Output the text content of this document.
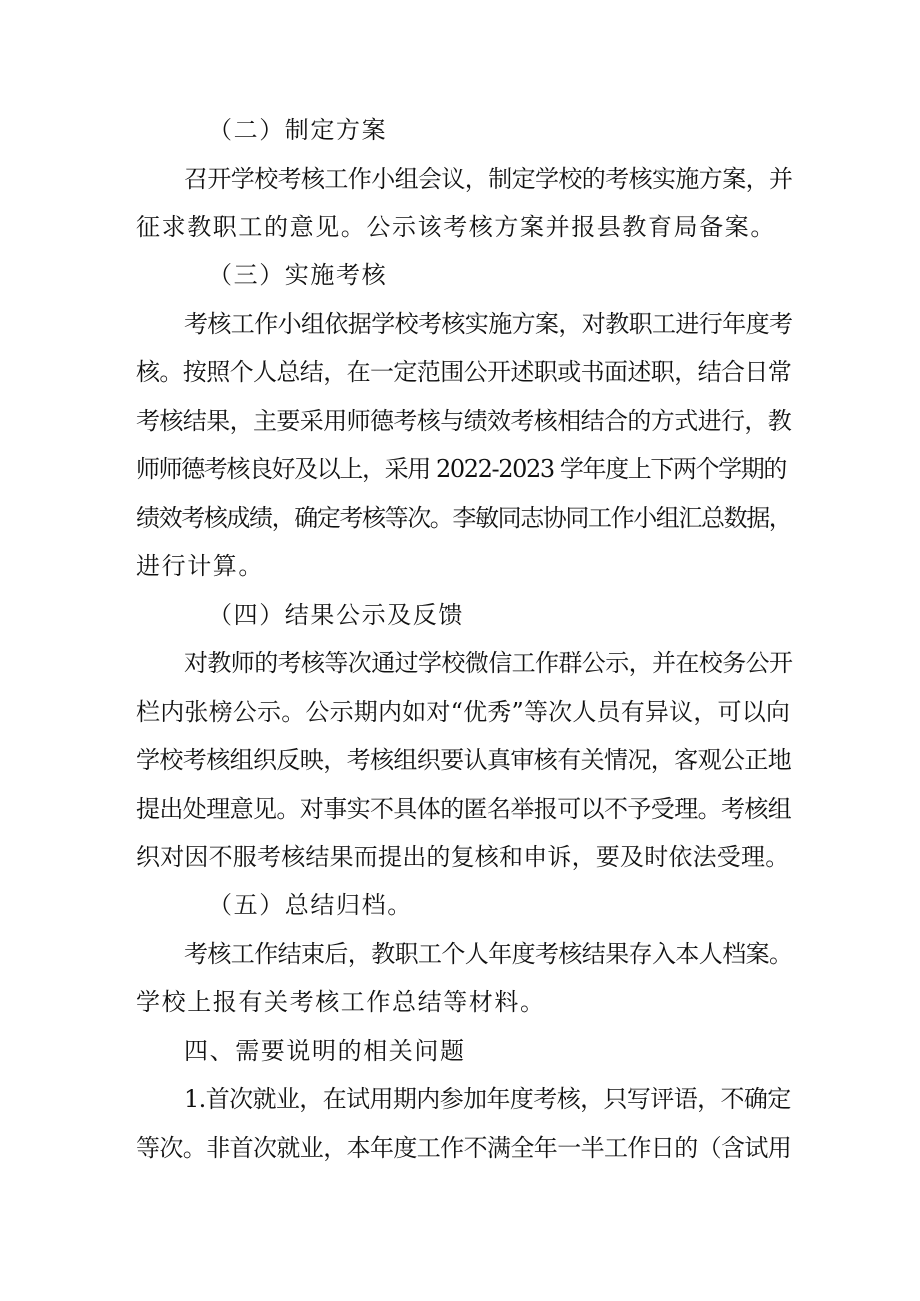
（二）制定方案
召开学校考核工作小组会议，制定学校的考核实施方案，并
征求教职工的意见。公示该考核方案并报县教育局备案。
（三）实施考核
考核工作小组依据学校考核实施方案，对教职工进行年度考
核。按照个人总结，在一定范围公开述职或书面述职，结合日常
考核结果，主要采用师德考核与绩效考核相结合的方式进行，教
师师德考核良好及以上，采用 2022-2023 学年度上下两个学期的
绩效考核成绩，确定考核等次。李敏同志协同工作小组汇总数据，
进行计算。
（四）结果公示及反馈
对教师的考核等次通过学校微信工作群公示，并在校务公开
栏内张榜公示。公示期内如对“优秀”等次人员有异议，可以向
学校考核组织反映，考核组织要认真审核有关情况，客观公正地
提出处理意见。对事实不具体的匿名举报可以不予受理。考核组
织对因不服考核结果而提出的复核和申诉，要及时依法受理。
（五）总结归档。
考核工作结束后，教职工个人年度考核结果存入本人档案。
学校上报有关考核工作总结等材料。
四、需要说明的相关问题
1.首次就业，在试用期内参加年度考核，只写评语，不确定
等次。非首次就业，本年度工作不满全年一半工作日的（含试用
